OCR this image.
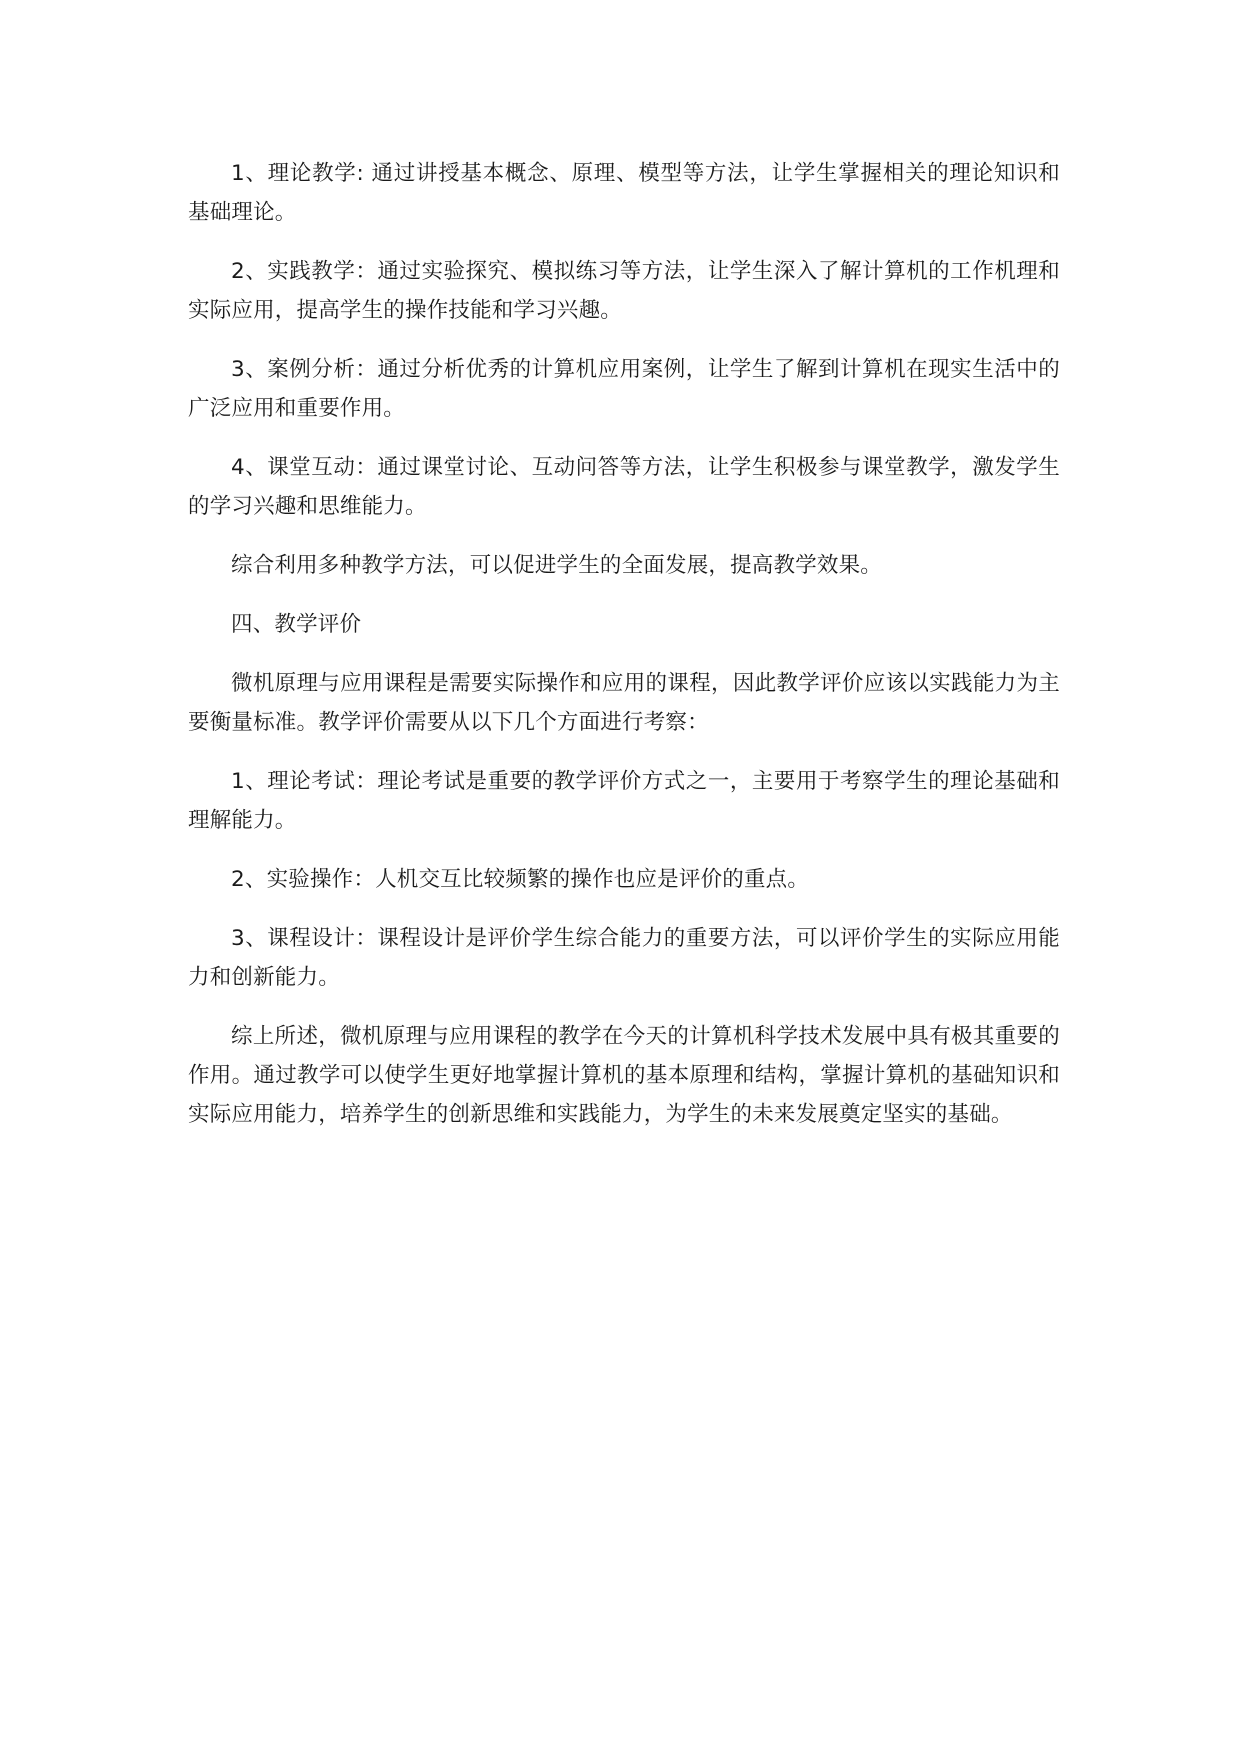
1、理论教学: 通过讲授基本概念、原理、模型等方法，让学生掌握相关的理论知识和基础理论。

2、实践教学：通过实验探究、模拟练习等方法，让学生深入了解计算机的工作机理和实际应用，提高学生的操作技能和学习兴趣。

3、案例分析：通过分析优秀的计算机应用案例，让学生了解到计算机在现实生活中的广泛应用和重要作用。

4、课堂互动：通过课堂讨论、互动问答等方法，让学生积极参与课堂教学，激发学生的学习兴趣和思维能力。

综合利用多种教学方法，可以促进学生的全面发展，提高教学效果。

四、教学评价

微机原理与应用课程是需要实际操作和应用的课程，因此教学评价应该以实践能力为主要衡量标准。教学评价需要从以下几个方面进行考察：

1、理论考试：理论考试是重要的教学评价方式之一，主要用于考察学生的理论基础和理解能力。

2、实验操作：人机交互比较频繁的操作也应是评价的重点。

3、课程设计：课程设计是评价学生综合能力的重要方法，可以评价学生的实际应用能力和创新能力。

综上所述，微机原理与应用课程的教学在今天的计算机科学技术发展中具有极其重要的作用。通过教学可以使学生更好地掌握计算机的基本原理和结构，掌握计算机的基础知识和实际应用能力，培养学生的创新思维和实践能力，为学生的未来发展奠定坚实的基础。
